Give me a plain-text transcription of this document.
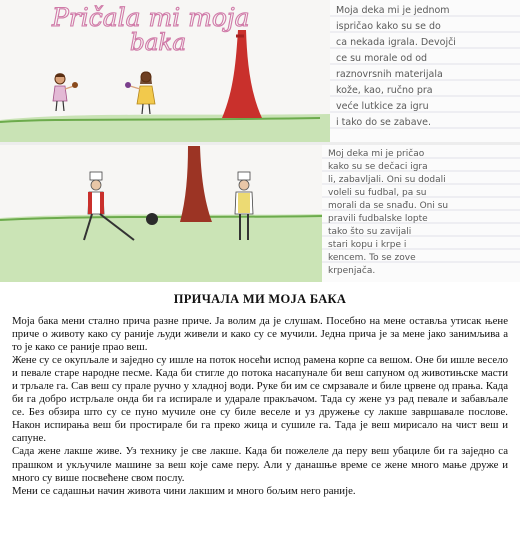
Pričala mi moja
baka
Moja deka mi je jednom ispričao kako su se do ca nekada igrala. Devojči ce su morale od od raznovrsnih materijala kože, kao, ručno pra veće lutkice za igru i tako do se zabave.
Moj deka mi je pričao kako su se dečaci igra li, zabavljali. Oni su dodali voleli su fudbal, pa su morali da se snađu. Oni su pravili fudbalske lopte tako što su zavijali stari kopu i krpe i kencem. To se zove krpenjača.
ПРИЧАЛА МИ МОЈА БАКА

Моја бака мени стално прича разне приче. Ја волим да је слушам. Посебно на мене оставља утисак њене приче о животу како су раније људи живели и како су се мучили. Једна прича је за мене јако занимљива а то је како се раније прао веш.

Жене су се окупљале и заједно су ишле на поток носећи испод рамена корпе са вешом. Оне би ишле весело и певале старе народне песме. Када би стигле до потока насапунале би веш сапуном од животињске масти и трљале га. Сав веш су прале ручно у хладној води. Руке би им се смрзавале и биле црвене од прања. Када би га добро истрљале онда би га испирале и ударале пракљачом. Тада су жене уз рад певале и забављале се. Без обзира што су се пуно мучиле оне су биле веселе и уз дружење су лакше завршавале послове. Након испирања веш би простирале би га преко жица и сушиле га. Тада је веш мирисало на чист веш и сапуне.

Сада жене лакше живе. Уз технику је све лакше. Када би пожелеле да перу веш убациле би га заједно са прашком и укључиле машине за веш које саме перу. Али у данашње време се жене много мање друже и много су више посвећене свом послу.

Мени се садашњи начин живота чини лакшим и много бољим него раније.
